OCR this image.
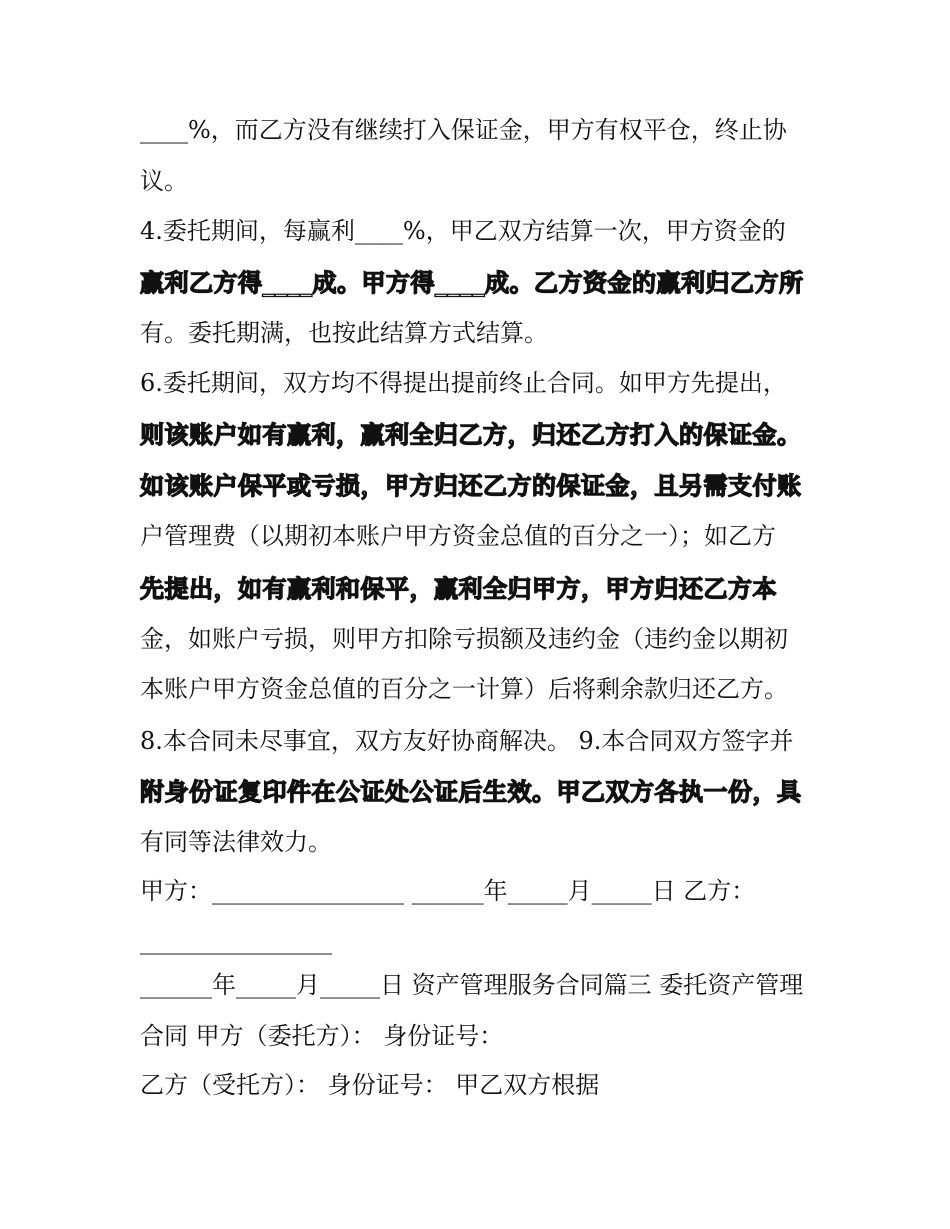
____%，而乙方没有继续打入保证金，甲方有权平仓，终止协
议。
4.委托期间，每赢利____%，甲乙双方结算一次，甲方资金的
赢利乙方得____成。甲方得____成。乙方资金的赢利归乙方所
有。委托期满，也按此结算方式结算。
6.委托期间，双方均不得提出提前终止合同。如甲方先提出，
则该账户如有赢利，赢利全归乙方，归还乙方打入的保证金。
如该账户保平或亏损，甲方归还乙方的保证金，且另需支付账
户管理费（以期初本账户甲方资金总值的百分之一）；如乙方
先提出，如有赢利和保平，赢利全归甲方，甲方归还乙方本
金，如账户亏损，则甲方扣除亏损额及违约金（违约金以期初
本账户甲方资金总值的百分之一计算）后将剩余款归还乙方。
8.本合同未尽事宜，双方友好协商解决。 9.本合同双方签字并
附身份证复印件在公证处公证后生效。甲乙双方各执一份，具
有同等法律效力。
甲方：________________ ______年_____月_____日 乙方：
________________
______年_____月_____日 资产管理服务合同篇三 委托资产管理
合同 甲方（委托方）： 身份证号：
乙方（受托方）： 身份证号： 甲乙双方根据
